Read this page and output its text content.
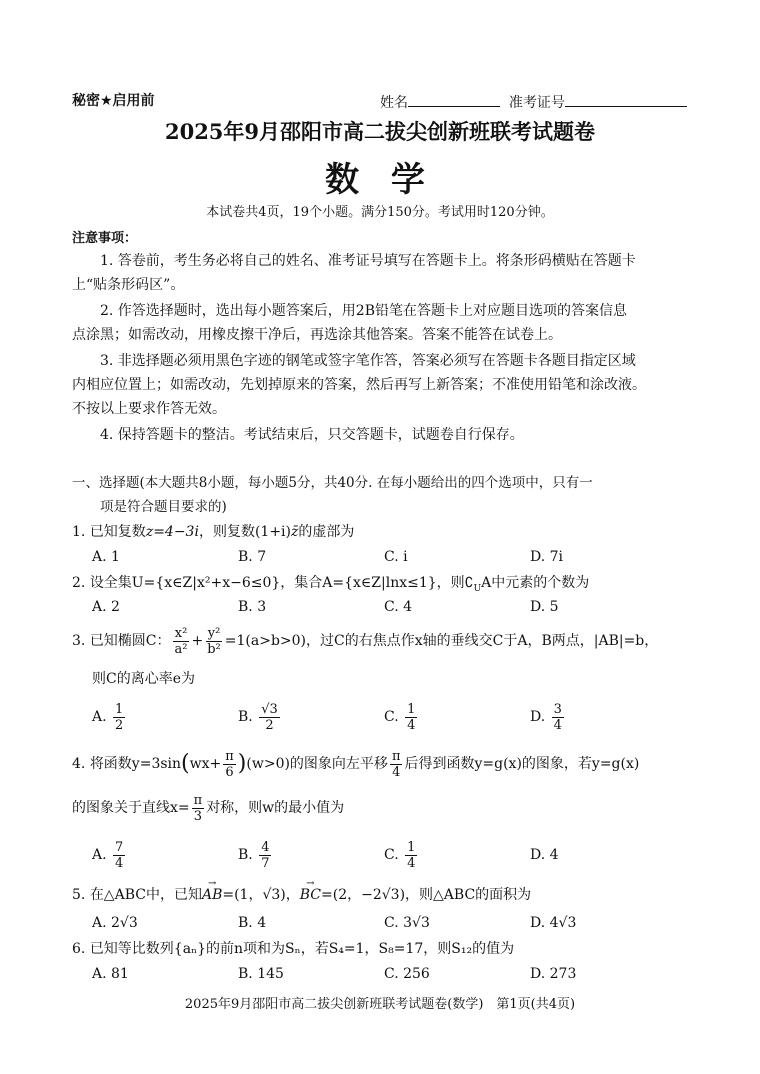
秘密★启用前	姓名	准考证号
2025年9月邵阳市高二拔尖创新班联考试题卷
数 学
本试卷共4页，19个小题。满分150分。考试用时120分钟。
注意事项：
1. 答卷前，考生务必将自己的姓名、准考证号填写在答题卡上。将条形码横贴在答题卡
上“贴条形码区”。
2. 作答选择题时，选出每小题答案后，用2B铅笔在答题卡上对应题目选项的答案信息
点涂黑；如需改动，用橡皮擦干净后，再选涂其他答案。答案不能答在试卷上。
3. 非选择题必须用黑色字迹的钢笔或签字笔作答，答案必须写在答题卡各题目指定区域
内相应位置上；如需改动，先划掉原来的答案，然后再写上新答案；不准使用铅笔和涂改液。
不按以上要求作答无效。
4. 保持答题卡的整洁。考试结束后，只交答题卡，试题卷自行保存。
一、选择题(本大题共8小题，每小题5分，共40分. 在每小题给出的四个选项中，只有一
项是符合题目要求的)
1. 已知复数z=4−3i，则复数(1+i)z̄的虚部为
A. 1	B. 7	C. i	D. 7i
2. 设全集U={x∈Z|x²+x−6≤0}，集合A={x∈Z|lnx≤1}，则$∁_UA$中元素的个数为
A. 2	B. 3	C. 4	D. 5
3. 已知椭圆C： $\frac{\text{x²}}{\text{a²}} + \frac{\text{y²}}{\text{b²}} =1(a>b>0)$，过C的右焦点作x轴的垂线交C于A，B两点，|AB|=b，
则C的离心率e为
A. $\frac{1}{2}$	B. $\frac{√3}{2}$	C. $\frac{1}{4}$	D. $\frac{3}{4}$
4. 将函数$y=3\sin(wx+ \frac{\pi}{6} )(w>0)$的图象向左平移 $\frac{\pi}{4}$ 后得到函数y=g(x)的图象，若y=g(x)
的图象关于直线$x= \frac{\pi}{3}$ 对称，则w的最小值为
A. $\frac{7}{4}$	B. $\frac{4}{7}$	C. $\frac{1}{4}$	D. 4
5. 在△ABC中，已知→ AB=(1，√3)，→ BC=(2，−2√3)，则△ABC的面积为
A. 2√3	B. 4	C. 3√3	D. 4√3
6. 已知等比数列{aₙ}的前n项和为Sₙ，若S₄=1，S₈=17，则S₁₂的值为
A. 81	B. 145	C. 256	D. 273
2025年9月邵阳市高二拔尖创新班联考试题卷(数学)　第1页(共4页)
